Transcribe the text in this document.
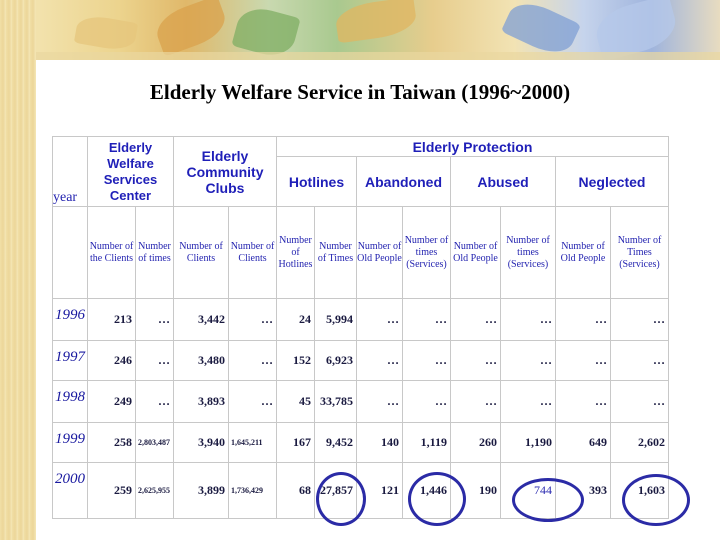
Elderly Welfare Service in Taiwan (1996~2000)
year	Elderly Welfare Services Center		Elderly Community Clubs		Elderly Protection							
					Hotlines		Abandoned		Abused		Neglected	

	Number of the Clients	Number of times	Number of Clients	Number of Clients	Number of Hotlines	Number of Times	Number of Old People	Number of times (Services)	Number of Old People	Number of times (Services)	Number of Old People	Number of Times (Services)
1996	213	…	3,442	…	24	5,994	…	…	…	…	…	…
1997	246	…	3,480	…	152	6,923	…	…	…	…	…	…
1998	249	…	3,893	…	45	33,785	…	…	…	…	…	…
1999	258	2,803,487	3,940	1,645,211	167	9,452	140	1,119	260	1,190	649	2,602
2000	259	2,625,955	3,899	1,736,429	68	27,857	121	1,446	190	744	393	1,603
